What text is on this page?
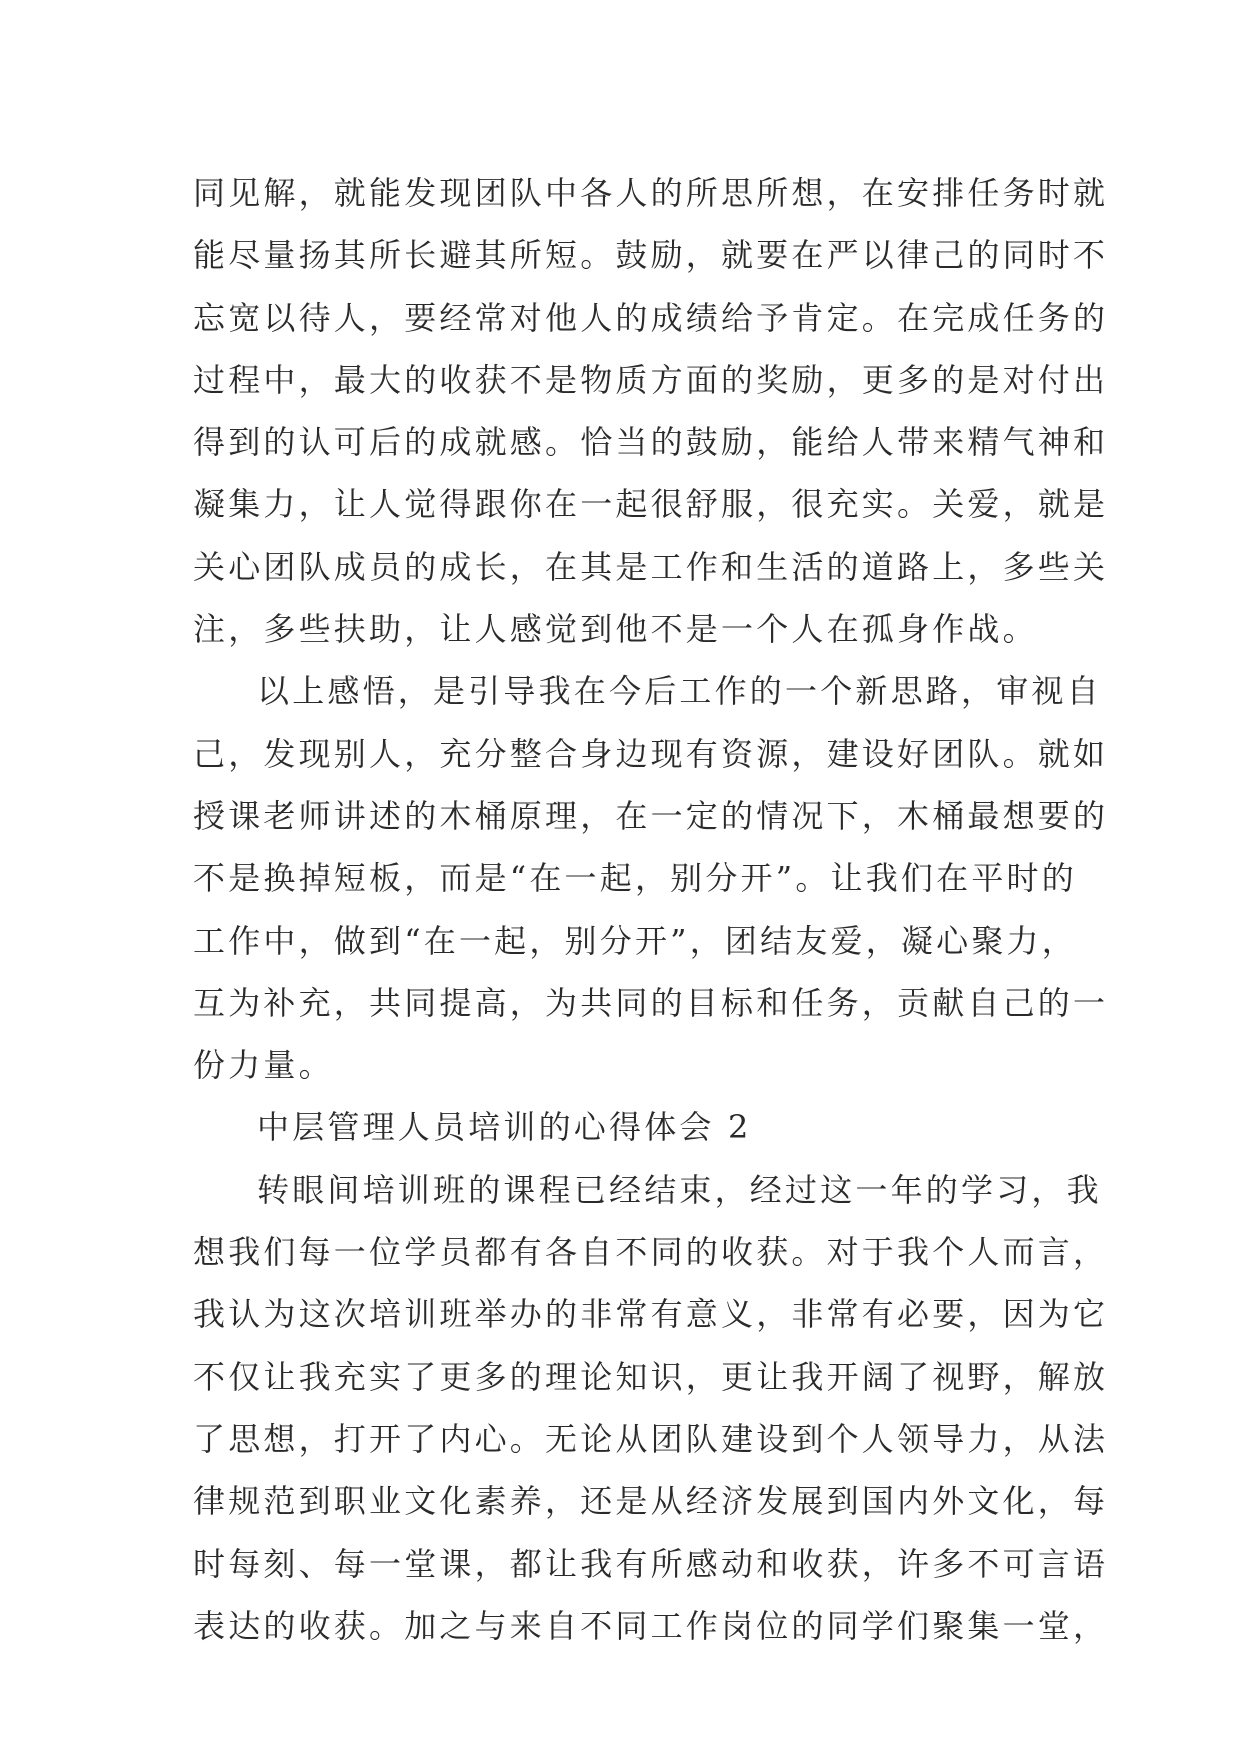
同见解，就能发现团队中各人的所思所想，在安排任务时就
能尽量扬其所长避其所短。鼓励，就要在严以律己的同时不
忘宽以待人，要经常对他人的成绩给予肯定。在完成任务的
过程中，最大的收获不是物质方面的奖励，更多的是对付出
得到的认可后的成就感。恰当的鼓励，能给人带来精气神和
凝集力，让人觉得跟你在一起很舒服，很充实。关爱，就是
关心团队成员的成长，在其是工作和生活的道路上，多些关
注，多些扶助，让人感觉到他不是一个人在孤身作战。
以上感悟，是引导我在今后工作的一个新思路，审视自
己，发现别人，充分整合身边现有资源，建设好团队。就如
授课老师讲述的木桶原理，在一定的情况下，木桶最想要的
不是换掉短板，而是“在一起，别分开”。让我们在平时的
工作中，做到“在一起，别分开”，团结友爱，凝心聚力，
互为补充，共同提高，为共同的目标和任务，贡献自己的一
份力量。
中层管理人员培训的心得体会 2
转眼间培训班的课程已经结束，经过这一年的学习，我
想我们每一位学员都有各自不同的收获。对于我个人而言，
我认为这次培训班举办的非常有意义，非常有必要，因为它
不仅让我充实了更多的理论知识，更让我开阔了视野，解放
了思想，打开了内心。无论从团队建设到个人领导力，从法
律规范到职业文化素养，还是从经济发展到国内外文化，每
时每刻、每一堂课，都让我有所感动和收获，许多不可言语
表达的收获。加之与来自不同工作岗位的同学们聚集一堂，
